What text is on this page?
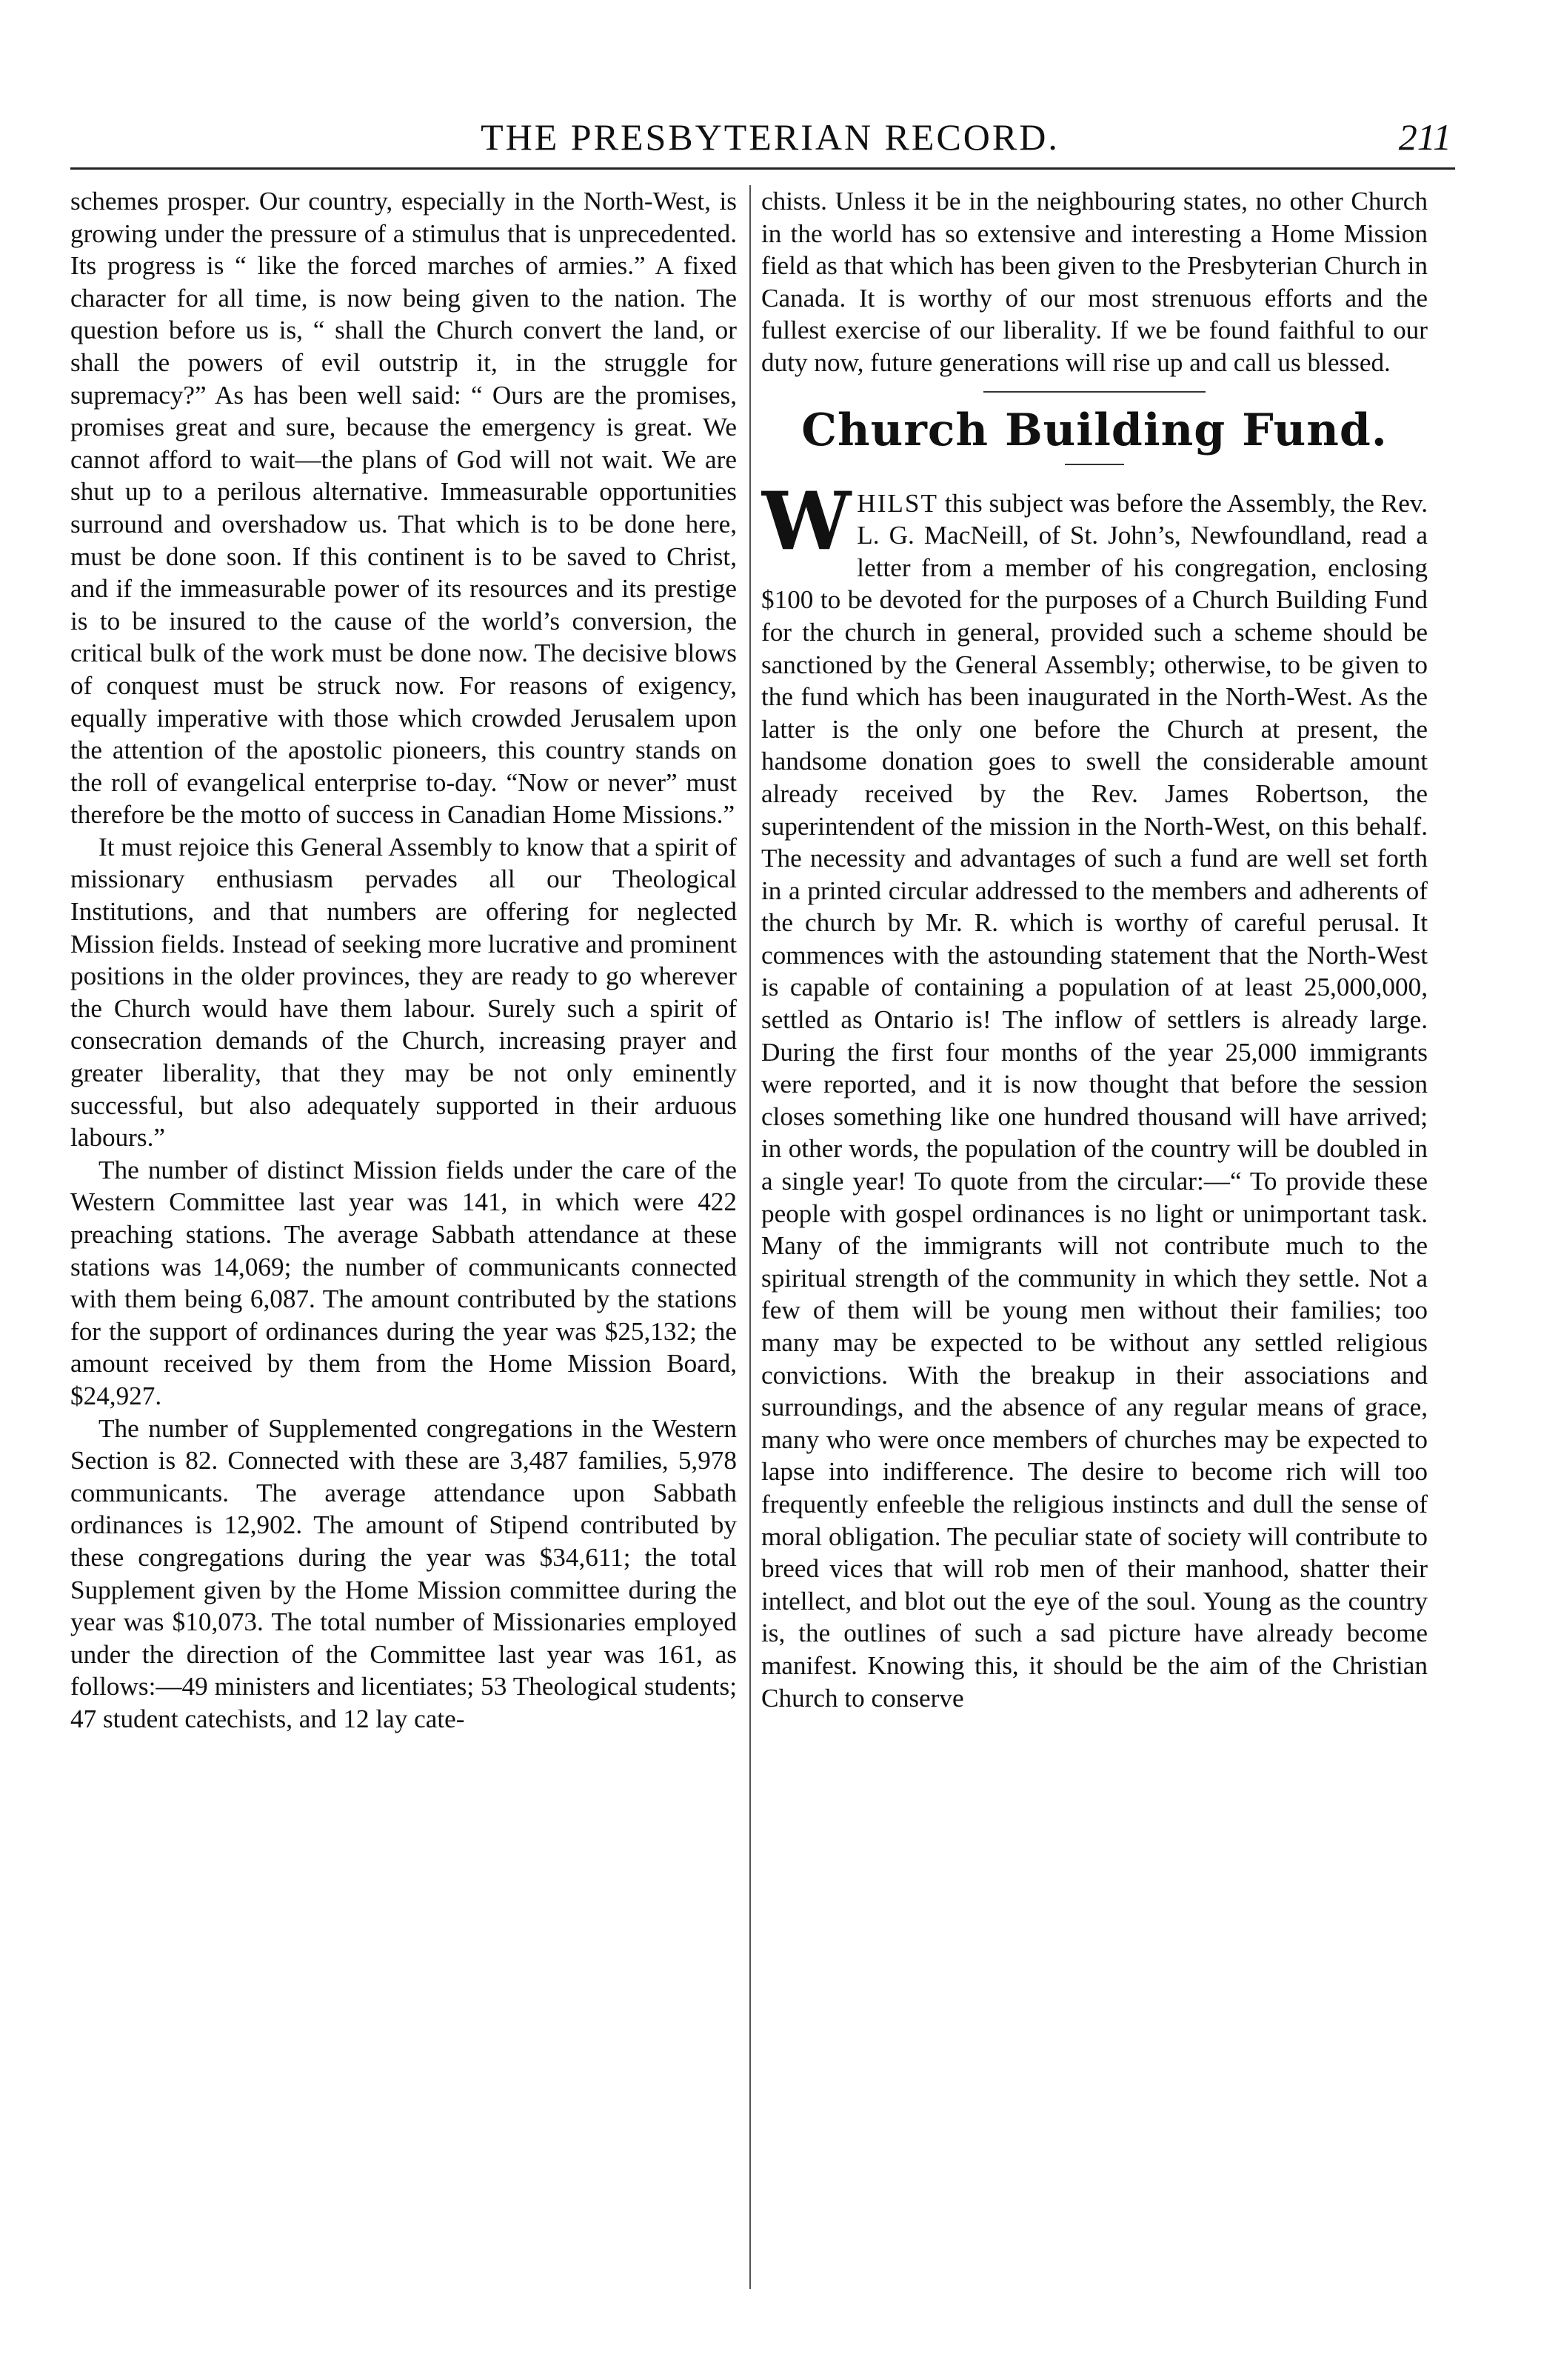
THE PRESBYTERIAN RECORD.	211

schemes prosper. Our country, especially in the North-West, is growing under the pressure of a stimulus that is unprecedented. Its progress is “ like the forced marches of armies.” A fixed character for all time, is now being given to the nation. The question before us is, “ shall the Church convert the land, or shall the powers of evil outstrip it, in the struggle for supremacy?” As has been well said: “ Ours are the promises, promises great and sure, because the emergency is great. We cannot afford to wait—the plans of God will not wait. We are shut up to a perilous alternative. Immeasurable opportunities surround and overshadow us. That which is to be done here, must be done soon. If this continent is to be saved to Christ, and if the immeasurable power of its resources and its prestige is to be insured to the cause of the world’s conversion, the critical bulk of the work must be done now. The decisive blows of conquest must be struck now. For reasons of exigency, equally imperative with those which crowded Jerusalem upon the attention of the apostolic pioneers, this country stands on the roll of evangelical enterprise to-day. “Now or never” must therefore be the motto of success in Canadian Home Missions.”

It must rejoice this General Assembly to know that a spirit of missionary enthusiasm pervades all our Theological Institutions, and that numbers are offering for neglected Mission fields. Instead of seeking more lucrative and prominent positions in the older provinces, they are ready to go wherever the Church would have them labour. Surely such a spirit of consecration demands of the Church, increasing prayer and greater liberality, that they may be not only eminently successful, but also adequately supported in their arduous labours.”

The number of distinct Mission fields under the care of the Western Committee last year was 141, in which were 422 preaching stations. The average Sabbath attendance at these stations was 14,069; the number of communicants connected with them being 6,087. The amount contributed by the stations for the support of ordinances during the year was $25,132; the amount received by them from the Home Mission Board, $24,927.

The number of Supplemented congregations in the Western Section is 82. Connected with these are 3,487 families, 5,978 communicants. The average attendance upon Sabbath ordinances is 12,902. The amount of Stipend contributed by these congregations during the year was $34,611; the total Supplement given by the Home Mission committee during the year was $10,073. The total number of Missionaries employed under the direction of the Committee last year was 161, as follows:—49 ministers and licentiates; 53 Theological students; 47 student catechists, and 12 lay cate-

chists. Unless it be in the neighbouring states, no other Church in the world has so extensive and interesting a Home Mission field as that which has been given to the Presbyterian Church in Canada. It is worthy of our most strenuous efforts and the fullest exercise of our liberality. If we be found faithful to our duty now, future generations will rise up and call us blessed.

Church Building Fund.

WHILST this subject was before the Assembly, the Rev. L. G. MacNeill, of St. John’s, Newfoundland, read a letter from a member of his congregation, enclosing $100 to be devoted for the purposes of a Church Building Fund for the church in general, provided such a scheme should be sanctioned by the General Assembly; otherwise, to be given to the fund which has been inaugurated in the North-West. As the latter is the only one before the Church at present, the handsome donation goes to swell the considerable amount already received by the Rev. James Robertson, the superintendent of the mission in the North-West, on this behalf. The necessity and advantages of such a fund are well set forth in a printed circular addressed to the members and adherents of the church by Mr. R. which is worthy of careful perusal. It commences with the astounding statement that the North-West is capable of containing a population of at least 25,000,000, settled as Ontario is! The inflow of settlers is already large. During the first four months of the year 25,000 immigrants were reported, and it is now thought that before the session closes something like one hundred thousand will have arrived; in other words, the population of the country will be doubled in a single year! To quote from the circular:—“ To provide these people with gospel ordinances is no light or unimportant task. Many of the immigrants will not contribute much to the spiritual strength of the community in which they settle. Not a few of them will be young men without their families; too many may be expected to be without any settled religious convictions. With the breakup in their associations and surroundings, and the absence of any regular means of grace, many who were once members of churches may be expected to lapse into indifference. The desire to become rich will too frequently enfeeble the religious instincts and dull the sense of moral obligation. The peculiar state of society will contribute to breed vices that will rob men of their manhood, shatter their intellect, and blot out the eye of the soul. Young as the country is, the outlines of such a sad picture have already become manifest. Knowing this, it should be the aim of the Christian Church to conserve
